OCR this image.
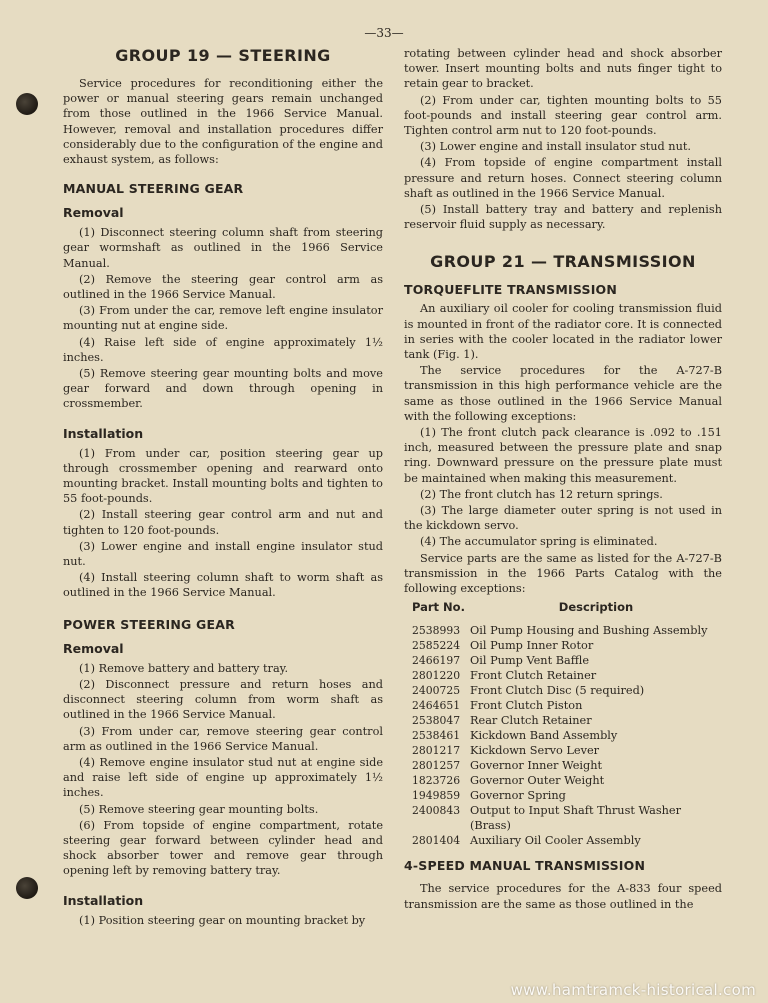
—33—
GROUP 19 — STEERING

Service procedures for reconditioning either the power or manual steering gears remain unchanged from those outlined in the 1966 Service Manual. However, removal and installation procedures differ considerably due to the configuration of the engine and exhaust system, as follows:

MANUAL STEERING GEAR
Removal

(1) Disconnect steering column shaft from steering gear wormshaft as outlined in the 1966 Service Manual.

(2) Remove the steering gear control arm as outlined in the 1966 Service Manual.

(3) From under the car, remove left engine insulator mounting nut at engine side.

(4) Raise left side of engine approximately 1½ inches.

(5) Remove steering gear mounting bolts and move gear forward and down through opening in crossmember.

Installation

(1) From under car, position steering gear up through crossmember opening and rearward onto mounting bracket. Install mounting bolts and tighten to 55 foot-pounds.

(2) Install steering gear control arm and nut and tighten to 120 foot-pounds.

(3) Lower engine and install engine insulator stud nut.

(4) Install steering column shaft to worm shaft as outlined in the 1966 Service Manual.

POWER STEERING GEAR
Removal

(1) Remove battery and battery tray.

(2) Disconnect pressure and return hoses and disconnect steering column from worm shaft as outlined in the 1966 Service Manual.

(3) From under car, remove steering gear control arm as outlined in the 1966 Service Manual.

(4) Remove engine insulator stud nut at engine side and raise left side of engine up approximately 1½ inches.

(5) Remove steering gear mounting bolts.

(6) From topside of engine compartment, rotate steering gear forward between cylinder head and shock absorber tower and remove gear through opening left by removing battery tray.

Installation

(1) Position steering gear on mounting bracket by

rotating between cylinder head and shock absorber tower. Insert mounting bolts and nuts finger tight to retain gear to bracket.

(2) From under car, tighten mounting bolts to 55 foot-pounds and install steering gear control arm. Tighten control arm nut to 120 foot-pounds.

(3) Lower engine and install insulator stud nut.

(4) From topside of engine compartment install pressure and return hoses. Connect steering column shaft as outlined in the 1966 Service Manual.

(5) Install battery tray and battery and replenish reservoir fluid supply as necessary.

GROUP 21 — TRANSMISSION
TORQUEFLITE TRANSMISSION

An auxiliary oil cooler for cooling transmission fluid is mounted in front of the radiator core. It is connected in series with the cooler located in the radiator lower tank (Fig. 1).

The service procedures for the A-727-B transmission in this high performance vehicle are the same as those outlined in the 1966 Service Manual with the following exceptions:

(1) The front clutch pack clearance is .092 to .151 inch, measured between the pressure plate and snap ring. Downward pressure on the pressure plate must be maintained when making this measurement.

(2) The front clutch has 12 return springs.

(3) The large diameter outer spring is not used in the kickdown servo.

(4) The accumulator spring is eliminated.

Service parts are the same as listed for the A-727-B transmission in the 1966 Parts Catalog with the following exceptions:

Part No.	Description
2538993	Oil Pump Housing and Bushing Assembly
2585224	Oil Pump Inner Rotor
2466197	Oil Pump Vent Baffle
2801220	Front Clutch Retainer
2400725	Front Clutch Disc (5 required)
2464651	Front Clutch Piston
2538047	Rear Clutch Retainer
2538461	Kickdown Band Assembly
2801217	Kickdown Servo Lever
2801257	Governor Inner Weight
1823726	Governor Outer Weight
1949859	Governor Spring
2400843	Output to Input Shaft Thrust Washer (Brass)
2801404	Auxiliary Oil Cooler Assembly
4-SPEED MANUAL TRANSMISSION

The service procedures for the A-833 four speed transmission are the same as those outlined in the

www.hamtramck-historical.com
